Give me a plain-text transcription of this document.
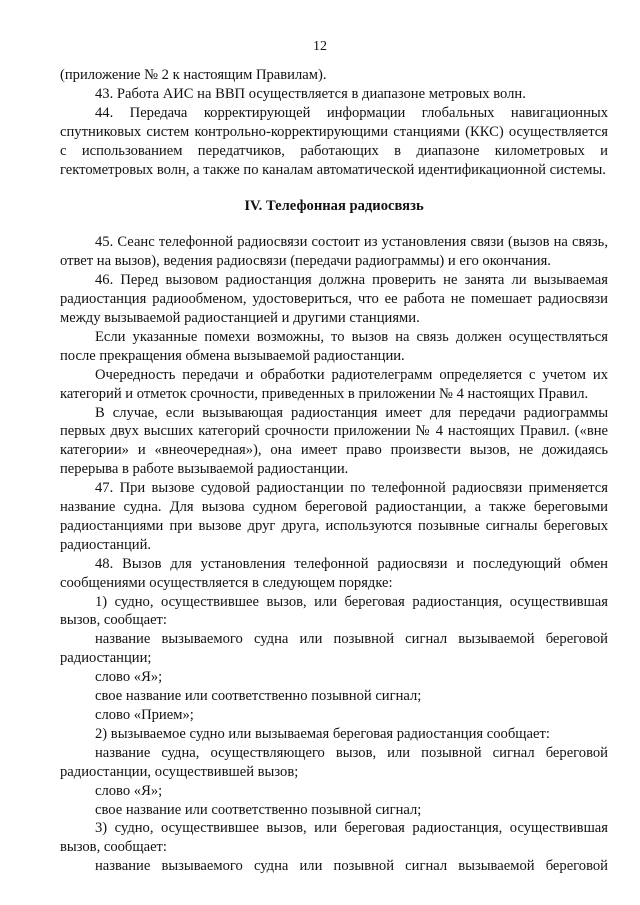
12

(приложение № 2 к настоящим Правилам).

43. Работа АИС на ВВП осуществляется в диапазоне метровых волн.

44. Передача корректирующей информации глобальных навигационных спутниковых систем контрольно-корректирующими станциями (ККС) осуществляется с использованием передатчиков, работающих в диапазоне километровых и гектометровых волн, а также по каналам автоматической идентификационной системы.

IV. Телефонная радиосвязь

45. Сеанс телефонной радиосвязи состоит из установления связи (вызов на связь, ответ на вызов), ведения радиосвязи (передачи радиограммы) и его окончания.

46. Перед вызовом радиостанция должна проверить не занята ли вызываемая радиостанция радиообменом, удостовериться, что ее работа не помешает радиосвязи между вызываемой радиостанцией и другими станциями.

Если указанные помехи возможны, то вызов на связь должен осуществляться после прекращения обмена вызываемой радиостанции.

Очередность передачи и обработки радиотелеграмм определяется с учетом их категорий и отметок срочности, приведенных в приложении № 4 настоящих Правил.

В случае, если вызывающая радиостанция имеет для передачи радиограммы первых двух высших категорий срочности приложении № 4 настоящих Правил. («вне категории» и «внеочередная»), она имеет право произвести вызов, не дожидаясь перерыва в работе вызываемой радиостанции.

47. При вызове судовой радиостанции по телефонной радиосвязи применяется название судна. Для вызова судном береговой радиостанции, а также береговыми радиостанциями при вызове друг друга, используются позывные сигналы береговых радиостанций.

48. Вызов для установления телефонной радиосвязи и последующий обмен сообщениями осуществляется в следующем порядке:

1) судно, осуществившее вызов, или береговая радиостанция, осуществившая вызов, сообщает:

название вызываемого судна или позывной сигнал вызываемой береговой радиостанции;

слово «Я»;

свое название или соответственно позывной сигнал;

слово «Прием»;

2) вызываемое судно или вызываемая береговая радиостанция сообщает:

название судна, осуществляющего вызов, или позывной сигнал береговой радиостанции, осуществившей вызов;

слово «Я»;

свое название или соответственно позывной сигнал;

3) судно, осуществившее вызов, или береговая радиостанция, осуществившая вызов, сообщает:

название вызываемого судна или позывной сигнал вызываемой береговой
